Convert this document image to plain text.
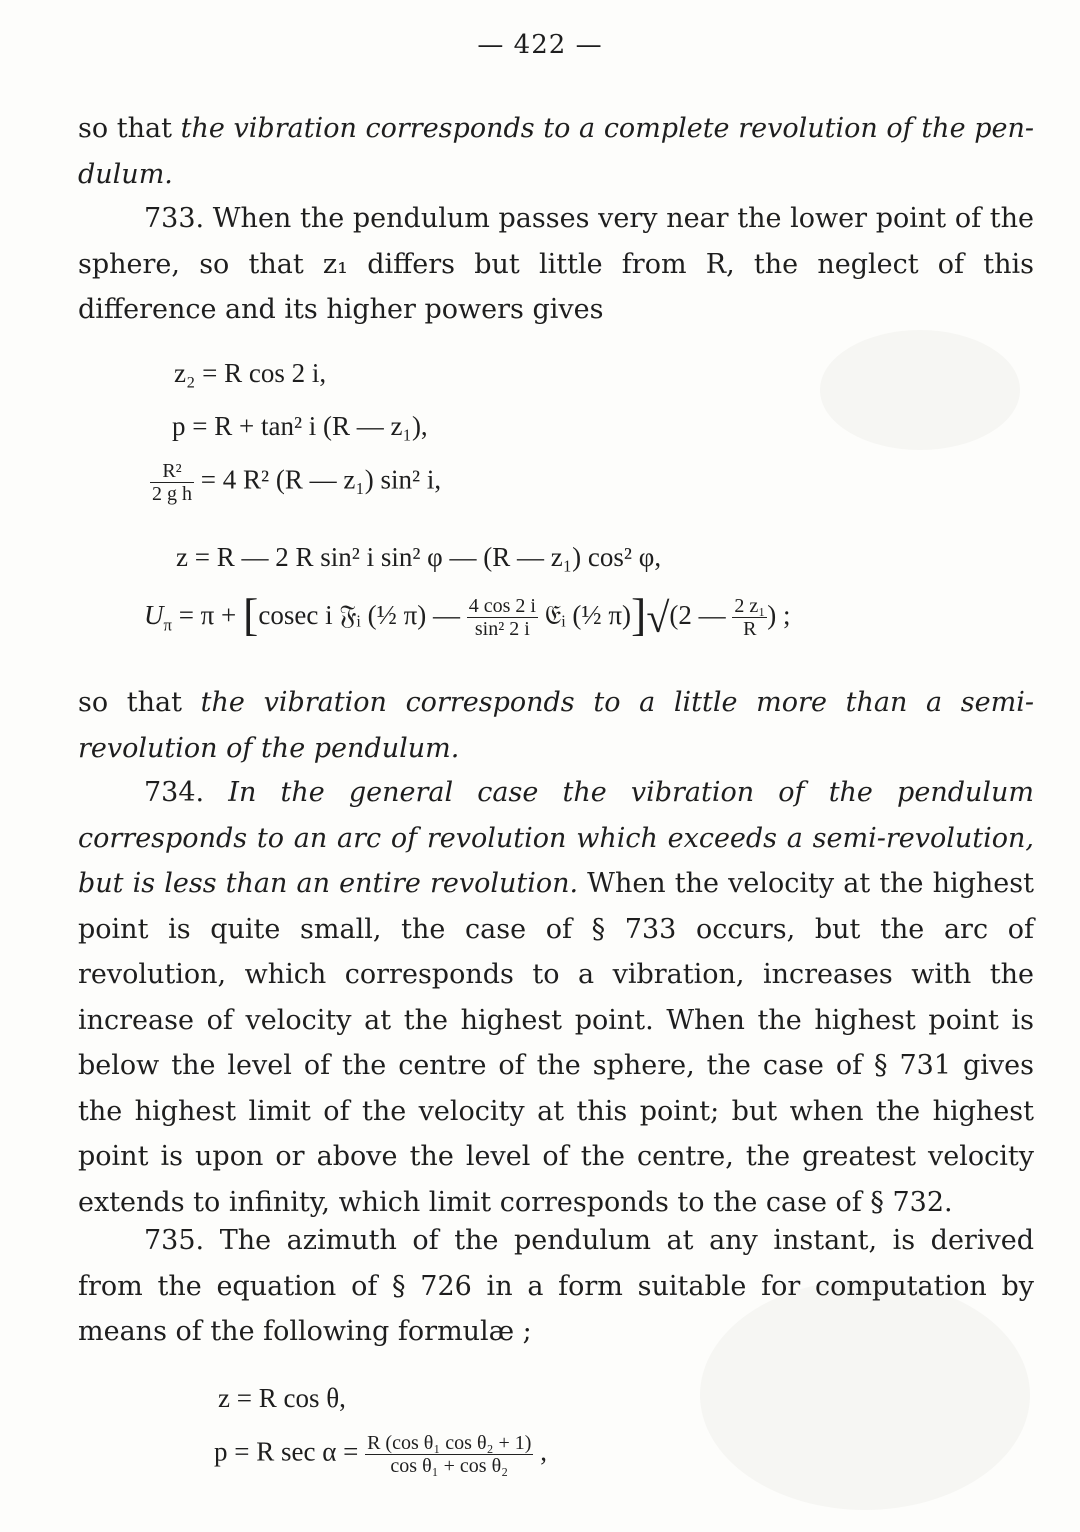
— 422 —
so that the vibration corresponds to a complete revolution of the pen-dulum.
733. When the pendulum passes very near the lower point of the sphere, so that z₁ differs but little from R, the neglect of this difference and its higher powers gives
z₂ = R cos 2 i,
p = R + tan² i (R — z₁),
$\frac{\text{R²}}{\text{2 g h}} = 4$ R² (R — z₁) sin² i,
z = R — 2 R sin² i sin² φ — (R — z₁) cos² φ,
$U_\pi = \pi + [cosec$ i 𝔉ᵢ (½ π) — $\frac{4 \cos 2 i}{\text{sin² 2 i}}$ 𝔈ᵢ (½ π)]√(2 — $\frac{\text{2 z₁}}{R}$ ) ;
so that the vibration corresponds to a little more than a semi-revolution of the pendulum.
734. In the general case the vibration of the pendulum corresponds to an arc of revolution which exceeds a semi-revolution, but is less than an entire revolution. When the velocity at the highest point is quite small, the case of § 733 occurs, but the arc of revolution, which corresponds to a vibration, increases with the increase of velocity at the highest point. When the highest point is below the level of the centre of the sphere, the case of § 731 gives the highest limit of the velocity at this point; but when the highest point is upon or above the level of the centre, the greatest velocity extends to infinity, which limit corresponds to the case of § 732.
735. The azimuth of the pendulum at any instant, is derived from the equation of § 726 in a form suitable for computation by means of the following formulæ ;
z = R cos θ,
p = R $\sec \alpha = \frac{\text{R (cos θ₁ cos θ₂ + 1)}}{\text{cos θ₁ + cos θ₂}}$ ,
